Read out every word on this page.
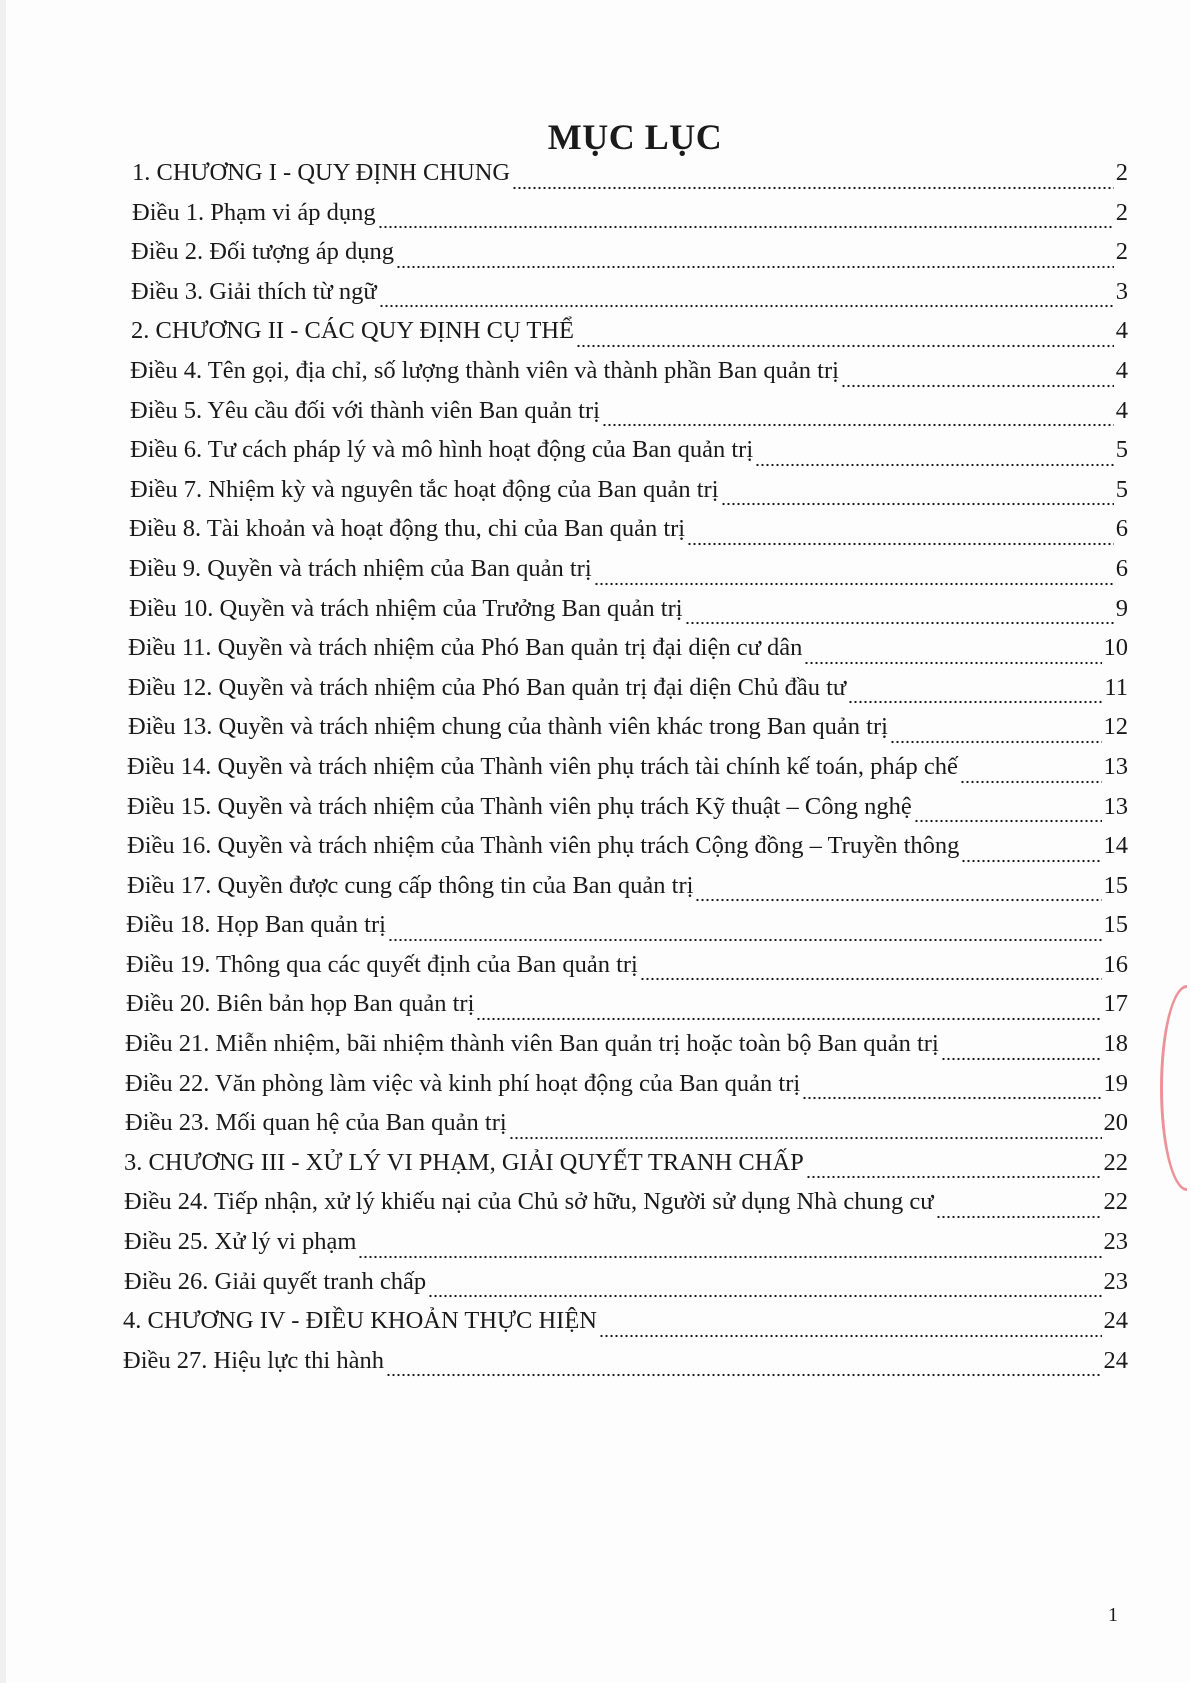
MỤC LỤC
1. CHƯƠNG I - QUY ĐỊNH CHUNG	2
Điều 1. Phạm vi áp dụng	2
Điều 2. Đối tượng áp dụng	2
Điều 3. Giải thích từ ngữ	3
2. CHƯƠNG II - CÁC QUY ĐỊNH CỤ THỂ	4
Điều 4. Tên gọi, địa chỉ, số lượng thành viên và thành phần Ban quản trị	4
Điều 5. Yêu cầu đối với thành viên Ban quản trị	4
Điều 6. Tư cách pháp lý và mô hình hoạt động của Ban quản trị	5
Điều 7. Nhiệm kỳ và nguyên tắc hoạt động của Ban quản trị	5
Điều 8. Tài khoản và hoạt động thu, chi của Ban quản trị	6
Điều 9. Quyền và trách nhiệm của Ban quản trị	6
Điều 10. Quyền và trách nhiệm của Trưởng Ban quản trị	9
Điều 11. Quyền và trách nhiệm của Phó Ban quản trị đại diện cư dân	10
Điều 12. Quyền và trách nhiệm của Phó Ban quản trị đại diện Chủ đầu tư	11
Điều 13. Quyền và trách nhiệm chung của thành viên khác trong Ban quản trị	12
Điều 14. Quyền và trách nhiệm của Thành viên phụ trách tài chính kế toán, pháp chế	13
Điều 15. Quyền và trách nhiệm của Thành viên phụ trách Kỹ thuật – Công nghệ	13
Điều 16. Quyền và trách nhiệm của Thành viên phụ trách Cộng đồng – Truyền thông	14
Điều 17. Quyền được cung cấp thông tin của Ban quản trị	15
Điều 18. Họp Ban quản trị	15
Điều 19. Thông qua các quyết định của Ban quản trị	16
Điều 20. Biên bản họp Ban quản trị	17
Điều 21. Miễn nhiệm, bãi nhiệm thành viên Ban quản trị hoặc toàn bộ Ban quản trị	18
Điều 22. Văn phòng làm việc và kinh phí hoạt động của Ban quản trị	19
Điều 23. Mối quan hệ của Ban quản trị	20
3. CHƯƠNG III - XỬ LÝ VI PHẠM, GIẢI QUYẾT TRANH CHẤP	22
Điều 24. Tiếp nhận, xử lý khiếu nại của Chủ sở hữu, Người sử dụng Nhà chung cư	22
Điều 25. Xử lý vi phạm	23
Điều 26. Giải quyết tranh chấp	23
4. CHƯƠNG IV - ĐIỀU KHOẢN THỰC HIỆN	24
Điều 27. Hiệu lực thi hành	24
1
